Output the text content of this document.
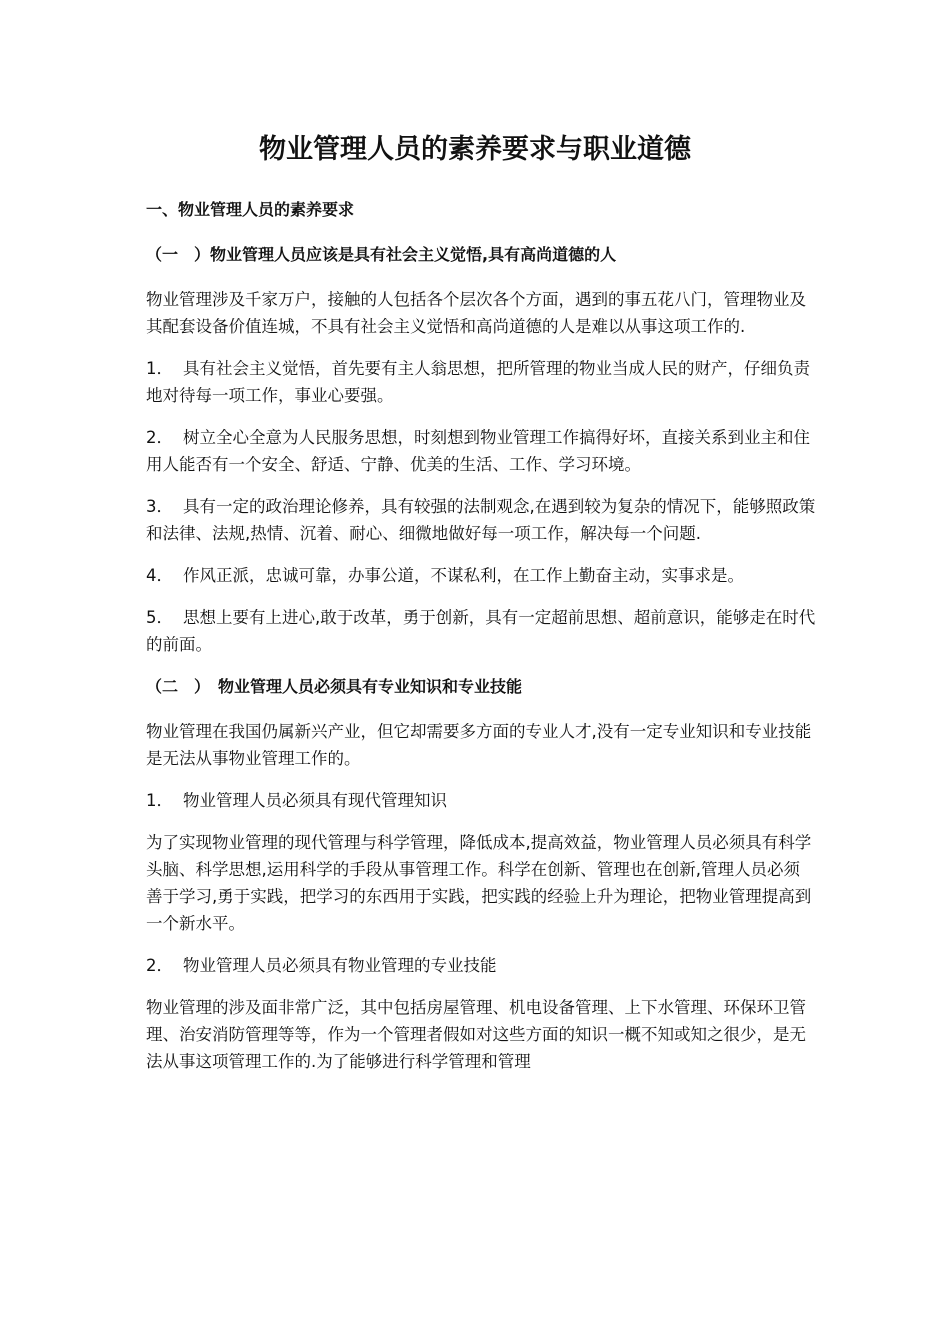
物业管理人员的素养要求与职业道德
一、物业管理人员的素养要求
（一　）物业管理人员应该是具有社会主义觉悟,具有高尚道德的人

物业管理涉及千家万户，接触的人包括各个层次各个方面，遇到的事五花八门，管理物业及其配套设备价值连城，不具有社会主义觉悟和高尚道德的人是难以从事这项工作的.

1． 具有社会主义觉悟，首先要有主人翁思想，把所管理的物业当成人民的财产，仔细负责地对待每一项工作，事业心要强。

2． 树立全心全意为人民服务思想，时刻想到物业管理工作搞得好坏，直接关系到业主和住用人能否有一个安全、舒适、宁静、优美的生活、工作、学习环境。

3． 具有一定的政治理论修养，具有较强的法制观念,在遇到较为复杂的情况下，能够照政策和法律、法规,热情、沉着、耐心、细微地做好每一项工作，解决每一个问题.

4． 作风正派，忠诚可靠，办事公道，不谋私利，在工作上勤奋主动，实事求是。

5． 思想上要有上进心,敢于改革，勇于创新，具有一定超前思想、超前意识，能够走在时代的前面。

（二　）　物业管理人员必须具有专业知识和专业技能

物业管理在我国仍属新兴产业，但它却需要多方面的专业人才,没有一定专业知识和专业技能是无法从事物业管理工作的。

1． 物业管理人员必须具有现代管理知识

为了实现物业管理的现代管理与科学管理，降低成本,提高效益，物业管理人员必须具有科学头脑、科学思想,运用科学的手段从事管理工作。科学在创新、管理也在创新,管理人员必须善于学习,勇于实践，把学习的东西用于实践，把实践的经验上升为理论，把物业管理提高到一个新水平。

2． 物业管理人员必须具有物业管理的专业技能

物业管理的涉及面非常广泛，其中包括房屋管理、机电设备管理、上下水管理、环保环卫管理、治安消防管理等等，作为一个管理者假如对这些方面的知识一概不知或知之很少，是无法从事这项管理工作的.为了能够进行科学管理和管理
